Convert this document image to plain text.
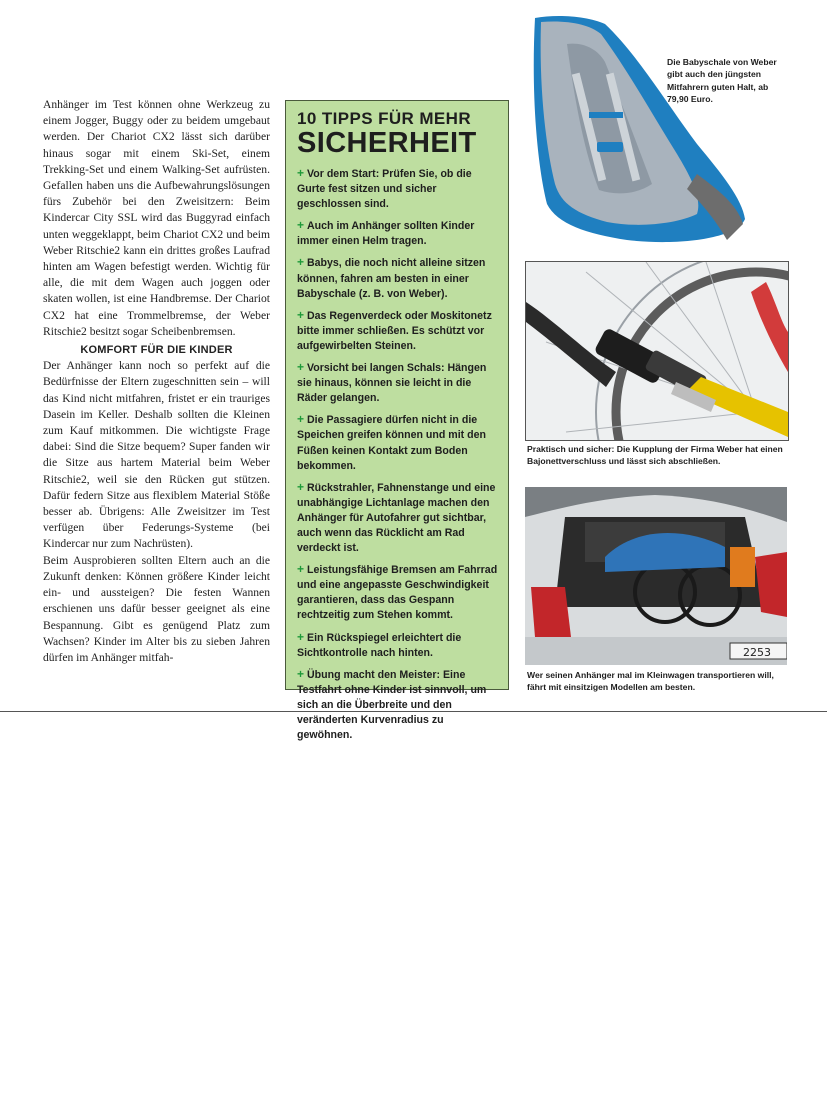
Anhänger im Test können ohne Werkzeug zu einem Jogger, Buggy oder zu beidem umgebaut werden. Der Chariot CX2 lässt sich darüber hinaus sogar mit einem Ski-Set, einem Trekking-Set und einem Walking-Set aufrüsten. Gefallen haben uns die Aufbewahrungslösungen fürs Zubehör bei den Zweisitzern: Beim Kindercar City SSL wird das Buggyrad einfach unten weggeklappt, beim Chariot CX2 und beim Weber Ritschie2 kann ein drittes großes Laufrad hinten am Wagen befestigt werden. Wichtig für alle, die mit dem Wagen auch joggen oder skaten wollen, ist eine Handbremse. Der Chariot CX2 hat eine Trommelbremse, der Weber Ritschie2 besitzt sogar Scheibenbremsen.

KOMFORT FÜR DIE KINDER

Der Anhänger kann noch so perfekt auf die Bedürfnisse der Eltern zugeschnitten sein – will das Kind nicht mitfahren, fristet er ein trauriges Dasein im Keller. Deshalb sollten die Kleinen zum Kauf mitkommen. Die wichtigste Frage dabei: Sind die Sitze bequem? Super fanden wir die Sitze aus hartem Material beim Weber Ritschie2, weil sie den Rücken gut stützen. Dafür federn Sitze aus flexiblem Material Stöße besser ab. Übrigens: Alle Zweisitzer im Test verfügen über Federungs-Systeme (bei Kindercar nur zum Nachrüsten).

Beim Ausprobieren sollten Eltern auch an die Zukunft denken: Können größere Kinder leicht ein- und aussteigen? Die festen Wannen erschienen uns dafür besser geeignet als eine Bespannung. Gibt es genügend Platz zum Wachsen? Kinder im Alter bis zu sieben Jahren dürfen im Anhänger mitfah-

10 TIPPS FÜR MEHR
SICHERHEIT
+ Vor dem Start: Prüfen Sie, ob die Gurte fest sitzen und sicher geschlossen sind.
+ Auch im Anhänger sollten Kinder immer einen Helm tragen.
+ Babys, die noch nicht alleine sitzen können, fahren am besten in einer Babyschale (z. B. von Weber).
+ Das Regenverdeck oder Moskitonetz bitte immer schließen. Es schützt vor aufgewirbelten Steinen.
+ Vorsicht bei langen Schals: Hängen sie hinaus, können sie leicht in die Räder gelangen.
+ Die Passagiere dürfen nicht in die Speichen greifen können und mit den Füßen keinen Kontakt zum Boden bekommen.
+ Rückstrahler, Fahnenstange und eine unabhängige Lichtanlage machen den Anhänger für Autofahrer gut sichtbar, auch wenn das Rücklicht am Rad verdeckt ist.
+ Leistungsfähige Bremsen am Fahrrad und eine angepasste Geschwindigkeit garantieren, dass das Gespann rechtzeitig zum Stehen kommt.
+ Ein Rückspiegel erleichtert die Sichtkontrolle nach hinten.
+ Übung macht den Meister: Eine Testfahrt ohne Kinder ist sinnvoll, um sich an die Überbreite und den veränderten Kurvenradius zu gewöhnen.
Die Babyschale von Weber gibt auch den jüngsten Mitfahrern guten Halt, ab 79,90 Euro.
Praktisch und sicher: Die Kupplung der Firma Weber hat einen Bajonettverschluss und lässt sich abschließen.
2253
Wer seinen Anhänger mal im Kleinwagen transportieren will, fährt mit einsitzigen Modellen am besten.
